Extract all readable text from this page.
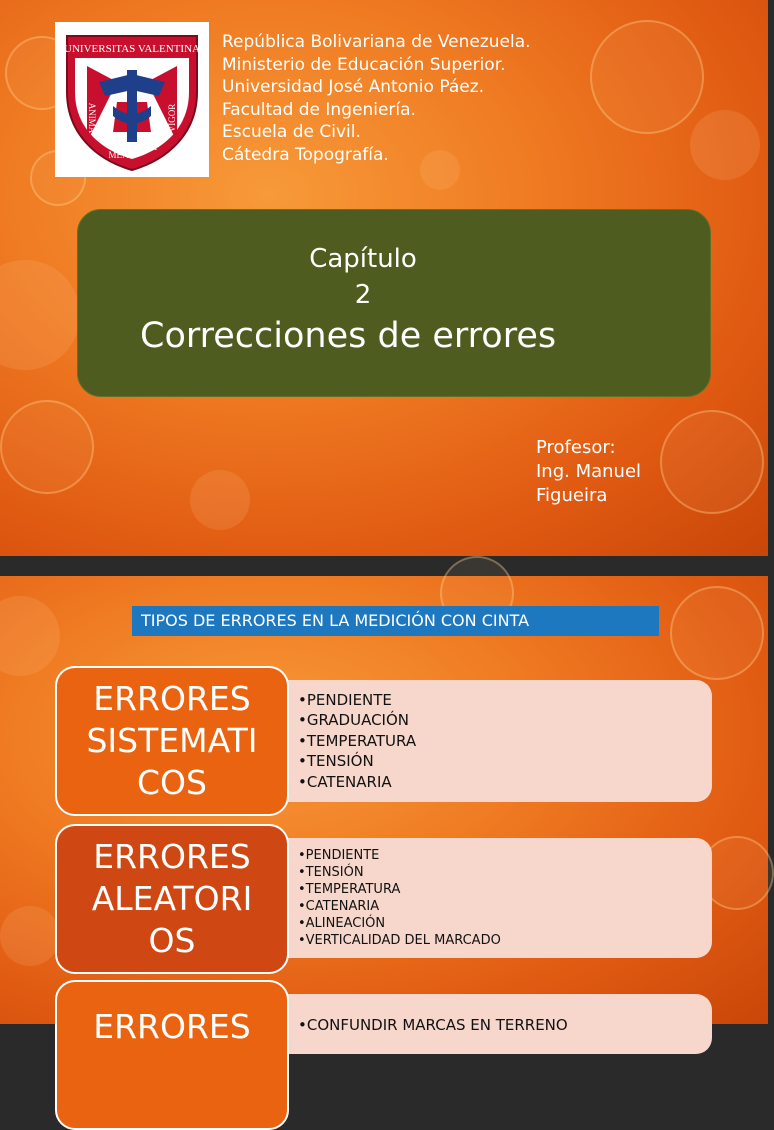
UNIVERSITAS VALENTINA
ANIMA	VIGOR
MENS
ET
República Bolivariana de Venezuela.
Ministerio de Educación Superior.
Universidad José Antonio Páez.
Facultad de Ingeniería.
Escuela de Civil.
Cátedra Topografía.
Capítulo
2
Correcciones de errores
Profesor:
Ing. Manuel
Figueira
TIPOS DE ERRORES EN LA MEDICIÓN CON CINTA
•PENDIENTE
•GRADUACIÓN
•TEMPERATURA
•TENSIÓN
•CATENARIA
ERRORES
SISTEMATI
COS
•PENDIENTE
•TENSIÓN
•TEMPERATURA
•CATENARIA
•ALINEACIÓN
•VERTICALIDAD DEL MARCADO
ERRORES
ALEATORI
OS
•CONFUNDIR MARCAS EN TERRENO
ERRORES
